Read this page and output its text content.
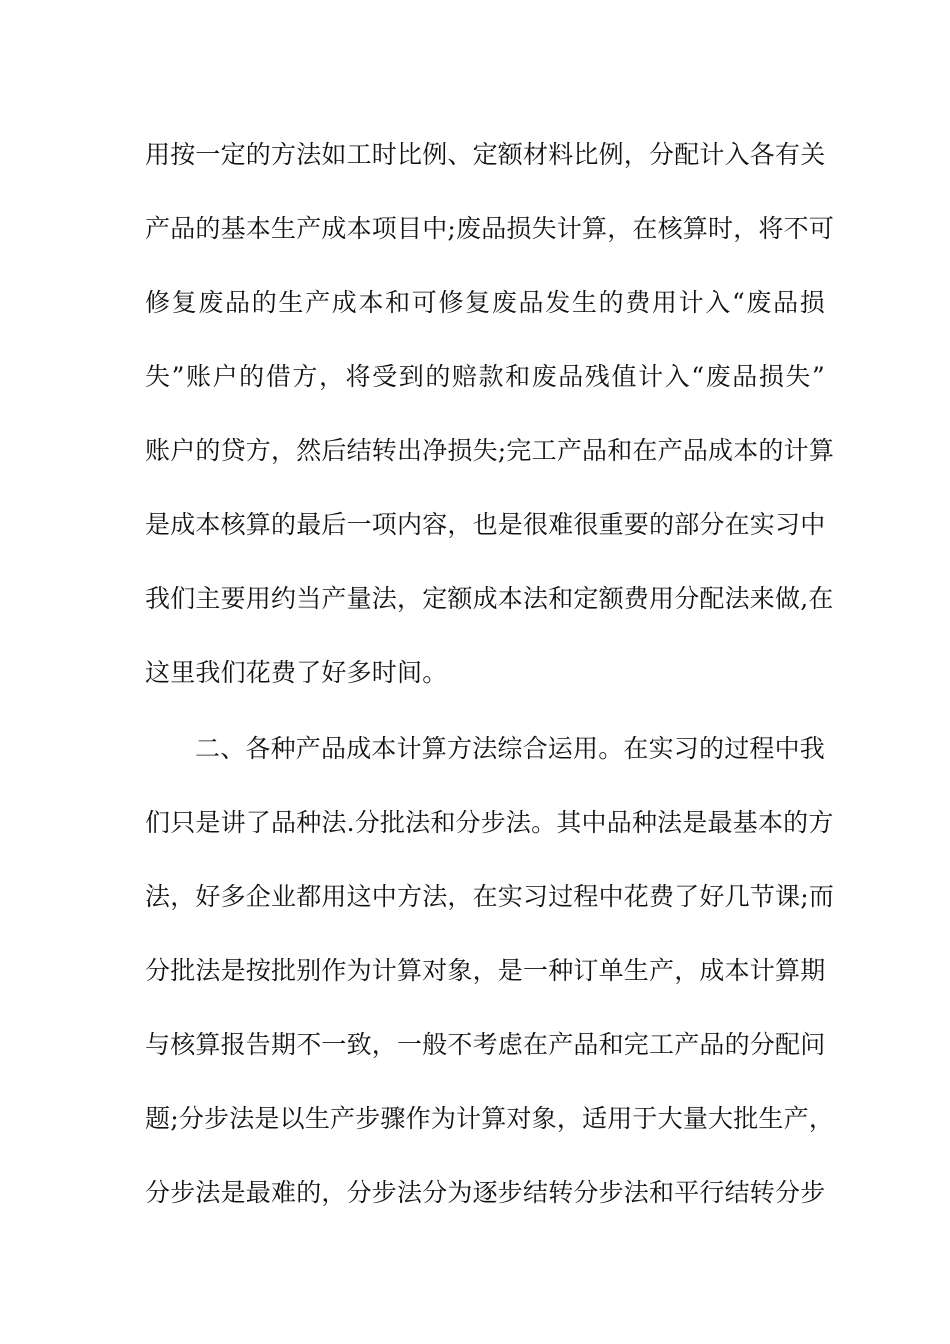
用按一定的方法如工时比例、定额材料比例，分配计入各有关
产品的基本生产成本项目中;废品损失计算，在核算时，将不可
修复废品的生产成本和可修复废品发生的费用计入“废品损
失”账户的借方，将受到的赔款和废品残值计入“废品损失”
账户的贷方，然后结转出净损失;完工产品和在产品成本的计算
是成本核算的最后一项内容，也是很难很重要的部分在实习中
我们主要用约当产量法，定额成本法和定额费用分配法来做,在
这里我们花费了好多时间。
二、各种产品成本计算方法综合运用。在实习的过程中我
们只是讲了品种法.分批法和分步法。其中品种法是最基本的方
法，好多企业都用这中方法，在实习过程中花费了好几节课;而
分批法是按批别作为计算对象，是一种订单生产，成本计算期
与核算报告期不一致，一般不考虑在产品和完工产品的分配问
题;分步法是以生产步骤作为计算对象，适用于大量大批生产，
分步法是最难的，分步法分为逐步结转分步法和平行结转分步
